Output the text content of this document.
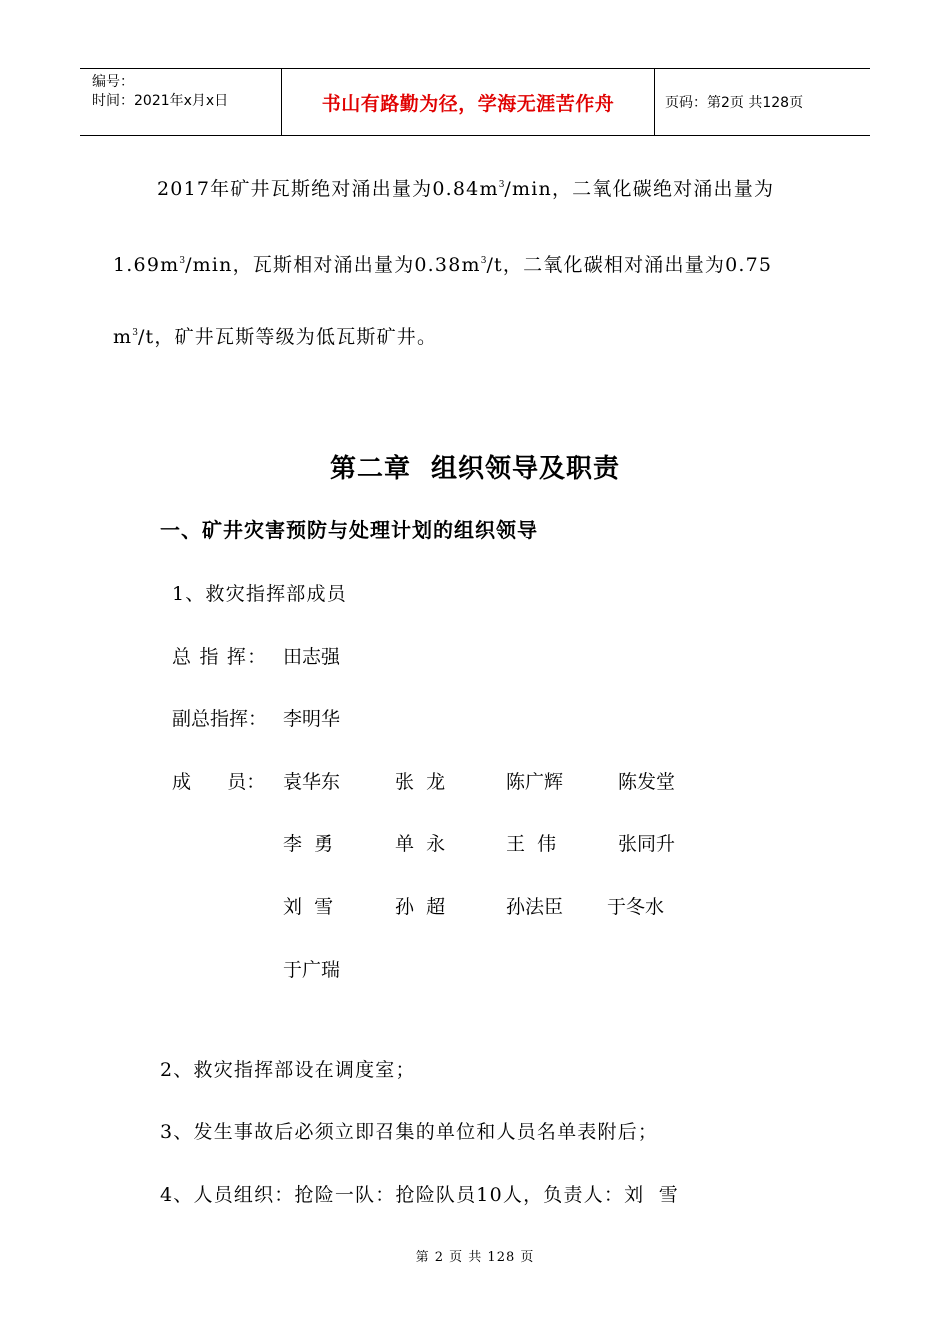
编号：
时间：2021年x月x日	书山有路勤为径，学海无涯苦作舟	页码：第2页 共128页
2017年矿井瓦斯绝对涌出量为$0.84m^3/\min$，二氧化碳绝对涌出量为
$1.69m^3/\min$，瓦斯相对涌出量为$0.38m^3/t$，二氧化碳相对涌出量为0.75
$m^3/t$，矿井瓦斯等级为低瓦斯矿井。
第二章  组织领导及职责
一、矿井灾害预防与处理计划的组织领导
1、救灾指挥部成员
总 指 挥： 田志强
副总指挥： 李明华
成      员： 袁华东	张  龙	陈广辉	陈发堂
李  勇	单  永	王  伟	张同升
刘  雪	孙  超	孙法臣 于冬水
于广瑞
2、救灾指挥部设在调度室；
3、发生事故后必须立即召集的单位和人员名单表附后；
4、人员组织：抢险一队：抢险队员10人，负责人：刘  雪
第 2 页 共 128 页
